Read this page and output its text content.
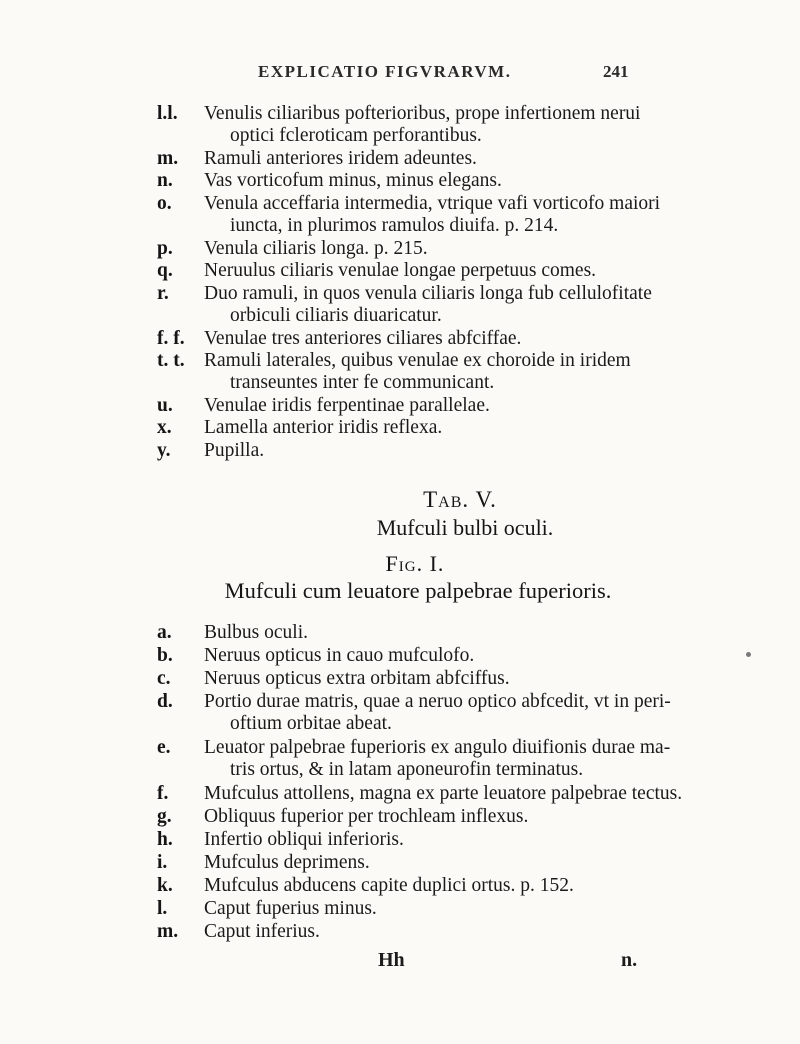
EXPLICATIO FIGVRARVM.	241
l.l. Venulis ciliaribus pofterioribus, prope infertionem nerui
optici fcleroticam perforantibus.
m. Ramuli anteriores iridem adeuntes.
n. Vas vorticofum minus, minus elegans.
o. Venula acceffaria intermedia, vtrique vafi vorticofo maiori
iuncta, in plurimos ramulos diuifa. p. 214.
p. Venula ciliaris longa. p. 215.
q. Neruulus ciliaris venulae longae perpetuus comes.
r. Duo ramuli, in quos venula ciliaris longa fub cellulofitate
orbiculi ciliaris diuaricatur.
f. f. Venulae tres anteriores ciliares abfciffae.
t. t. Ramuli laterales, quibus venulae ex choroide in iridem
transeuntes inter fe communicant.
u. Venulae iridis ferpentinae parallelae.
x. Lamella anterior iridis reflexa.
y. Pupilla.
Tab. V.
Mufculi bulbi oculi.
Fig. I.
Mufculi cum leuatore palpebrae fuperioris.
a. Bulbus oculi.
b. Neruus opticus in cauo mufculofo.
c. Neruus opticus extra orbitam abfciffus.
d. Portio durae matris, quae a neruo optico abfcedit, vt in peri-
oftium orbitae abeat.
e. Leuator palpebrae fuperioris ex angulo diuifionis durae ma-
tris ortus, & in latam aponeurofin terminatus.
f. Mufculus attollens, magna ex parte leuatore palpebrae tectus.
g. Obliquus fuperior per trochleam inflexus.
h. Infertio obliqui inferioris.
i. Mufculus deprimens.
k. Mufculus abducens capite duplici ortus. p. 152.
l. Caput fuperius minus.
m. Caput inferius.
Hh	n.
